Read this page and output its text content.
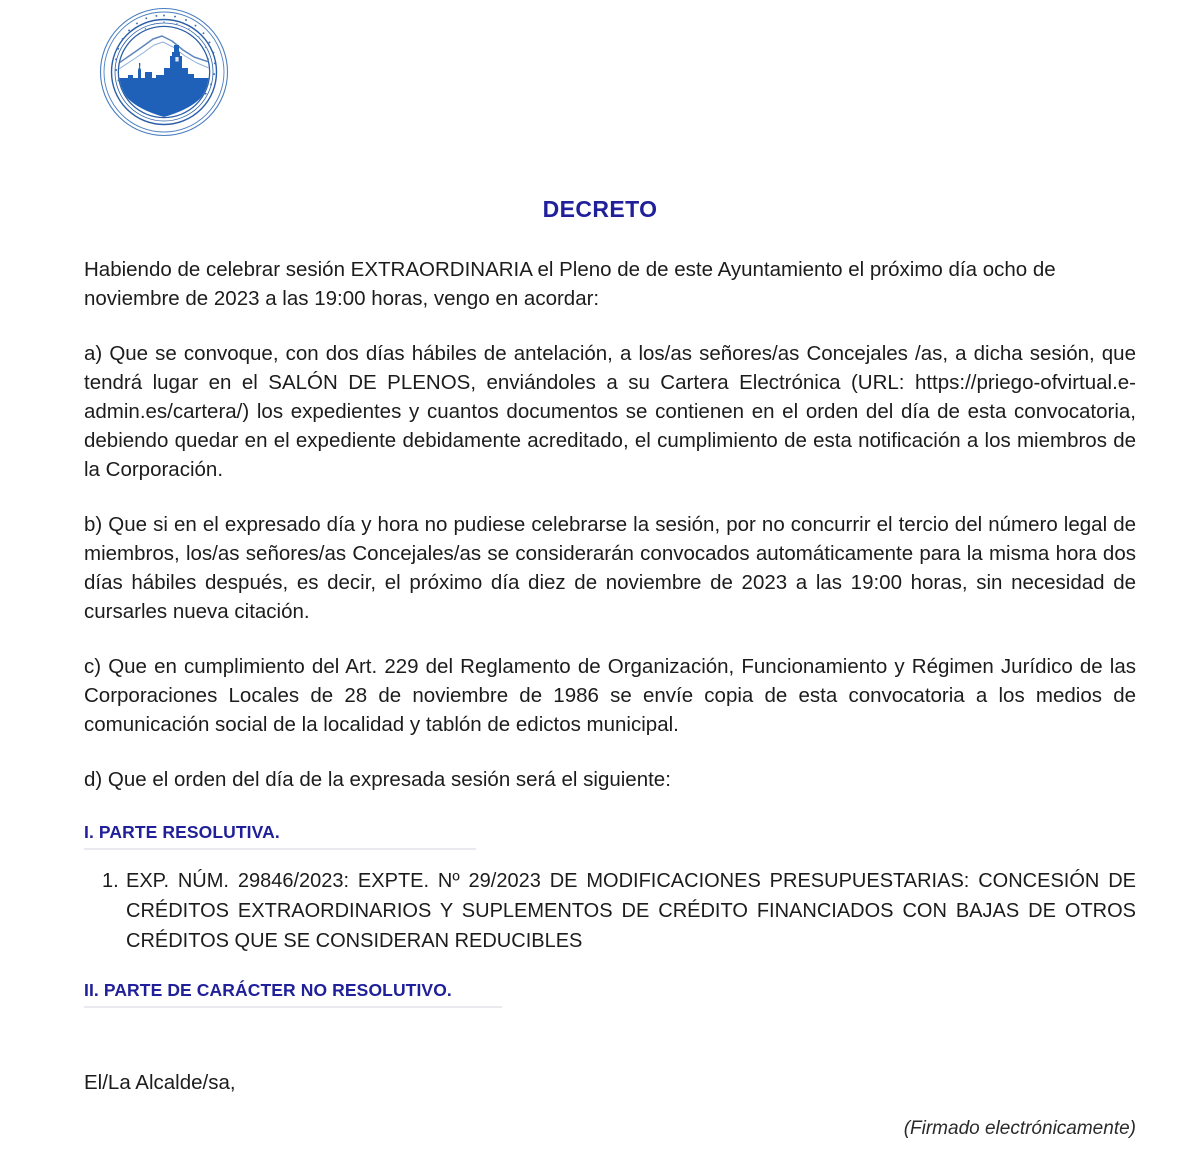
DECRETO

Habiendo de celebrar sesión EXTRAORDINARIA el Pleno de de este Ayuntamiento el próximo día ocho de noviembre de 2023 a las 19:00 horas, vengo en acordar:

a) Que se convoque, con dos días hábiles de antelación, a los/as señores/as Concejales /as, a dicha sesión, que tendrá lugar en el SALÓN DE PLENOS, enviándoles a su Cartera Electrónica (URL: https://priego-ofvirtual.e-admin.es/cartera/) los expedientes y cuantos documentos se contienen en el orden del día de esta convocatoria, debiendo quedar en el expediente debidamente acreditado, el cumplimiento de esta notificación a los miembros de la Corporación.

b) Que si en el expresado día y hora no pudiese celebrarse la sesión, por no concurrir el tercio del número legal de miembros, los/as señores/as Concejales/as se considerarán convocados automáticamente para la misma hora dos días hábiles después, es decir, el próximo día diez de noviembre de 2023 a las 19:00 horas, sin necesidad de cursarles nueva citación.

c) Que en cumplimiento del Art. 229 del Reglamento de Organización, Funcionamiento y Régimen Jurídico de las Corporaciones Locales de 28 de noviembre de 1986 se envíe copia de esta convocatoria a los medios de comunicación social de la localidad y tablón de edictos municipal.

d) Que el orden del día de la expresada sesión será el siguiente:

I. PARTE RESOLUTIVA.
1. EXP. NÚM. 29846/2023: EXPTE. Nº 29/2023 DE MODIFICACIONES PRESUPUESTARIAS: CONCESIÓN DE CRÉDITOS EXTRAORDINARIOS Y SUPLEMENTOS DE CRÉDITO FINANCIADOS CON BAJAS DE OTROS CRÉDITOS QUE SE CONSIDERAN REDUCIBLES
II. PARTE DE CARÁCTER NO RESOLUTIVO.
El/La Alcalde/sa,
(Firmado electrónicamente)
